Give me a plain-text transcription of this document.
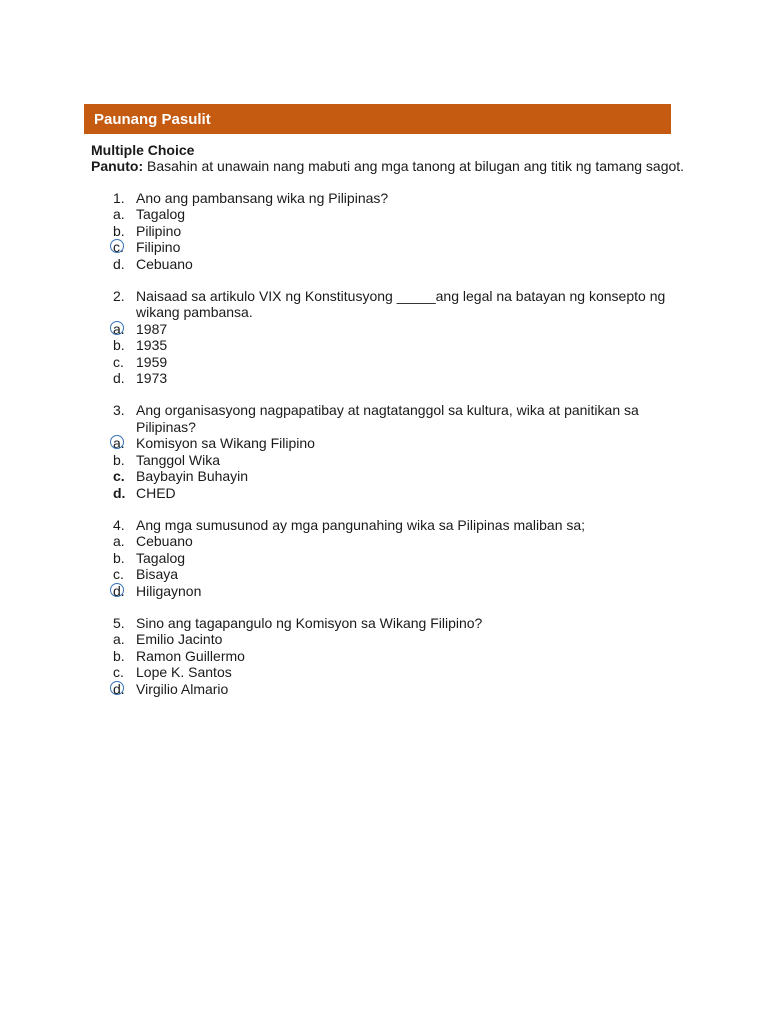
Paunang Pasulit
Multiple Choice
Panuto: Basahin at unawain nang mabuti ang mga tanong at bilugan ang titik ng tamang sagot.
1. Ano ang pambansang wika ng Pilipinas?
a. Tagalog
b. Pilipino
c. Filipino
d. Cebuano
2. Naisaad sa artikulo VIX ng Konstitusyong _____ang legal na batayan ng konsepto ng wikang pambansa.
a. 1987
b. 1935
c. 1959
d. 1973
3. Ang organisasyong nagpapatibay at nagtatanggol sa kultura, wika at panitikan sa Pilipinas?
a. Komisyon sa Wikang Filipino
b. Tanggol Wika
c. Baybayin Buhayin
d. CHED
4. Ang mga sumusunod ay mga pangunahing wika sa Pilipinas maliban sa;
a. Cebuano
b. Tagalog
c. Bisaya
d. Hiligaynon
5. Sino ang tagapangulo ng Komisyon sa Wikang Filipino?
a. Emilio Jacinto
b. Ramon Guillermo
c. Lope K. Santos
d. Virgilio Almario
